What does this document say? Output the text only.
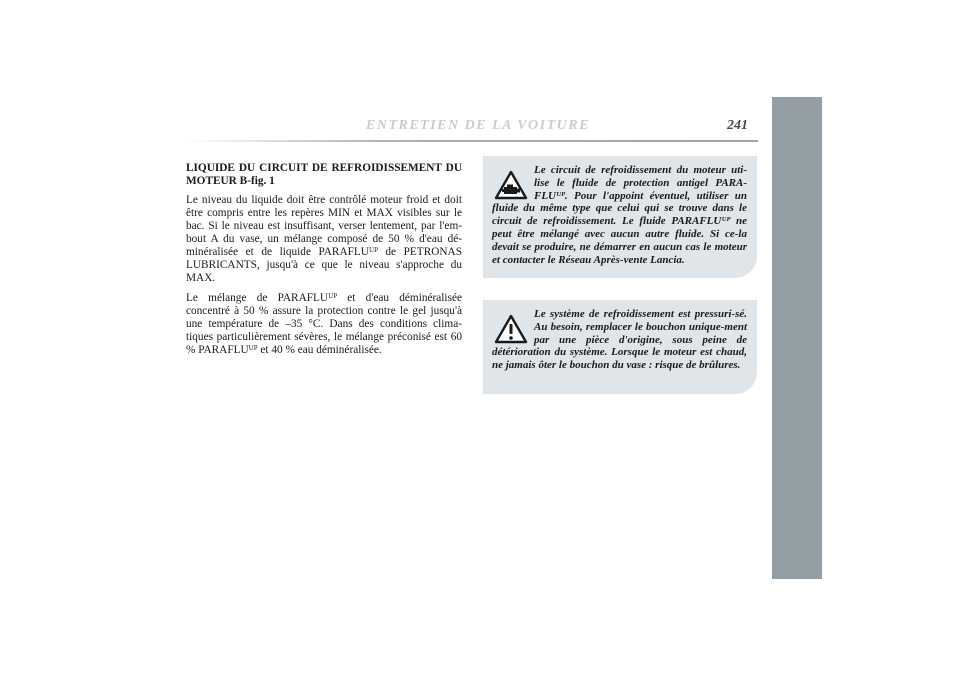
ENTRETIEN DE LA VOITURE	241
LIQUIDE DU CIRCUIT DE REFROIDISSEMENT DU MOTEUR B-fig. 1

Le niveau du liquide doit être contrôlé moteur froid et doit être compris entre les repères MIN et MAX visibles sur le bac. Si le niveau est insuffisant, verser lentement, par l'em-bout A du vase, un mélange composé de 50 % d'eau dé-minéralisée et de liquide PARAFLUᵁᴾ de PETRONAS LUBRICANTS, jusqu'à ce que le niveau s'approche du MAX.

Le mélange de PARAFLUᵁᴾ et d'eau déminéralisée concentré à 50 % assure la protection contre le gel jusqu'à une température de –35 °C. Dans des conditions clima-tiques particulièrement sévères, le mélange préconisé est 60 % PARAFLUᵁᴾ et 40 % eau déminéralisée.

Le circuit de refroidissement du moteur uti-lise le fluide de protection antigel PARA-FLUᵁᴾ. Pour l'appoint éventuel, utiliser un fluide du même type que celui qui se trouve dans le circuit de refroidissement. Le fluide PARAFLUᵁᴾ ne peut être mélangé avec aucun autre fluide. Si ce-la devait se produire, ne démarrer en aucun cas le moteur et contacter le Réseau Après-vente Lancia.
Le système de refroidissement est pressuri-sé. Au besoin, remplacer le bouchon unique-ment par une pièce d'origine, sous peine de détérioration du système. Lorsque le moteur est chaud, ne jamais ôter le bouchon du vase : risque de brûlures.
